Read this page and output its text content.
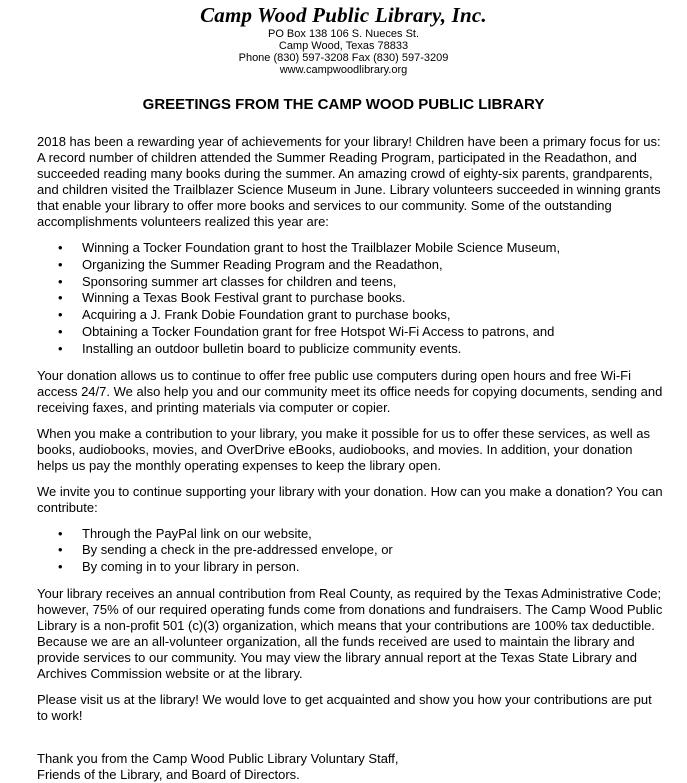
Camp Wood Public Library, Inc.
PO Box 138 106 S. Nueces St.
Camp Wood, Texas 78833
Phone (830) 597-3208 Fax (830) 597-3209
www.campwoodlibrary.org
GREETINGS FROM THE CAMP WOOD PUBLIC LIBRARY

2018 has been a rewarding year of achievements for your library! Children have been a primary focus for us: A record number of children attended the Summer Reading Program, participated in the Readathon, and succeeded reading many books during the summer. An amazing crowd of eighty-six parents, grandparents, and children visited the Trailblazer Science Museum in June. Library volunteers succeeded in winning grants that enable your library to offer more books and services to our community. Some of the outstanding accomplishments volunteers realized this year are:

• Winning a Tocker Foundation grant to host the Trailblazer Mobile Science Museum,
• Organizing the Summer Reading Program and the Readathon,
• Sponsoring summer art classes for children and teens,
• Winning a Texas Book Festival grant to purchase books.
• Acquiring a J. Frank Dobie Foundation grant to purchase books,
• Obtaining a Tocker Foundation grant for free Hotspot Wi-Fi Access to patrons, and
• Installing an outdoor bulletin board to publicize community events.

Your donation allows us to continue to offer free public use computers during open hours and free Wi-Fi access 24/7. We also help you and our community meet its office needs for copying documents, sending and receiving faxes, and printing materials via computer or copier.

When you make a contribution to your library, you make it possible for us to offer these services, as well as books, audiobooks, movies, and OverDrive eBooks, audiobooks, and movies. In addition, your donation helps us pay the monthly operating expenses to keep the library open.

We invite you to continue supporting your library with your donation. How can you make a donation? You can contribute:

• Through the PayPal link on our website,
• By sending a check in the pre-addressed envelope, or
• By coming in to your library in person.

Your library receives an annual contribution from Real County, as required by the Texas Administrative Code; however, 75% of our required operating funds come from donations and fundraisers. The Camp Wood Public Library is a non-profit 501 (c)(3) organization, which means that your contributions are 100% tax deductible. Because we are an all-volunteer organization, all the funds received are used to maintain the library and provide services to our community. You may view the library annual report at the Texas State Library and Archives Commission website or at the library.

Please visit us at the library! We would love to get acquainted and show you how your contributions are put to work!

Thank you from the Camp Wood Public Library Voluntary Staff,
Friends of the Library, and Board of Directors.
